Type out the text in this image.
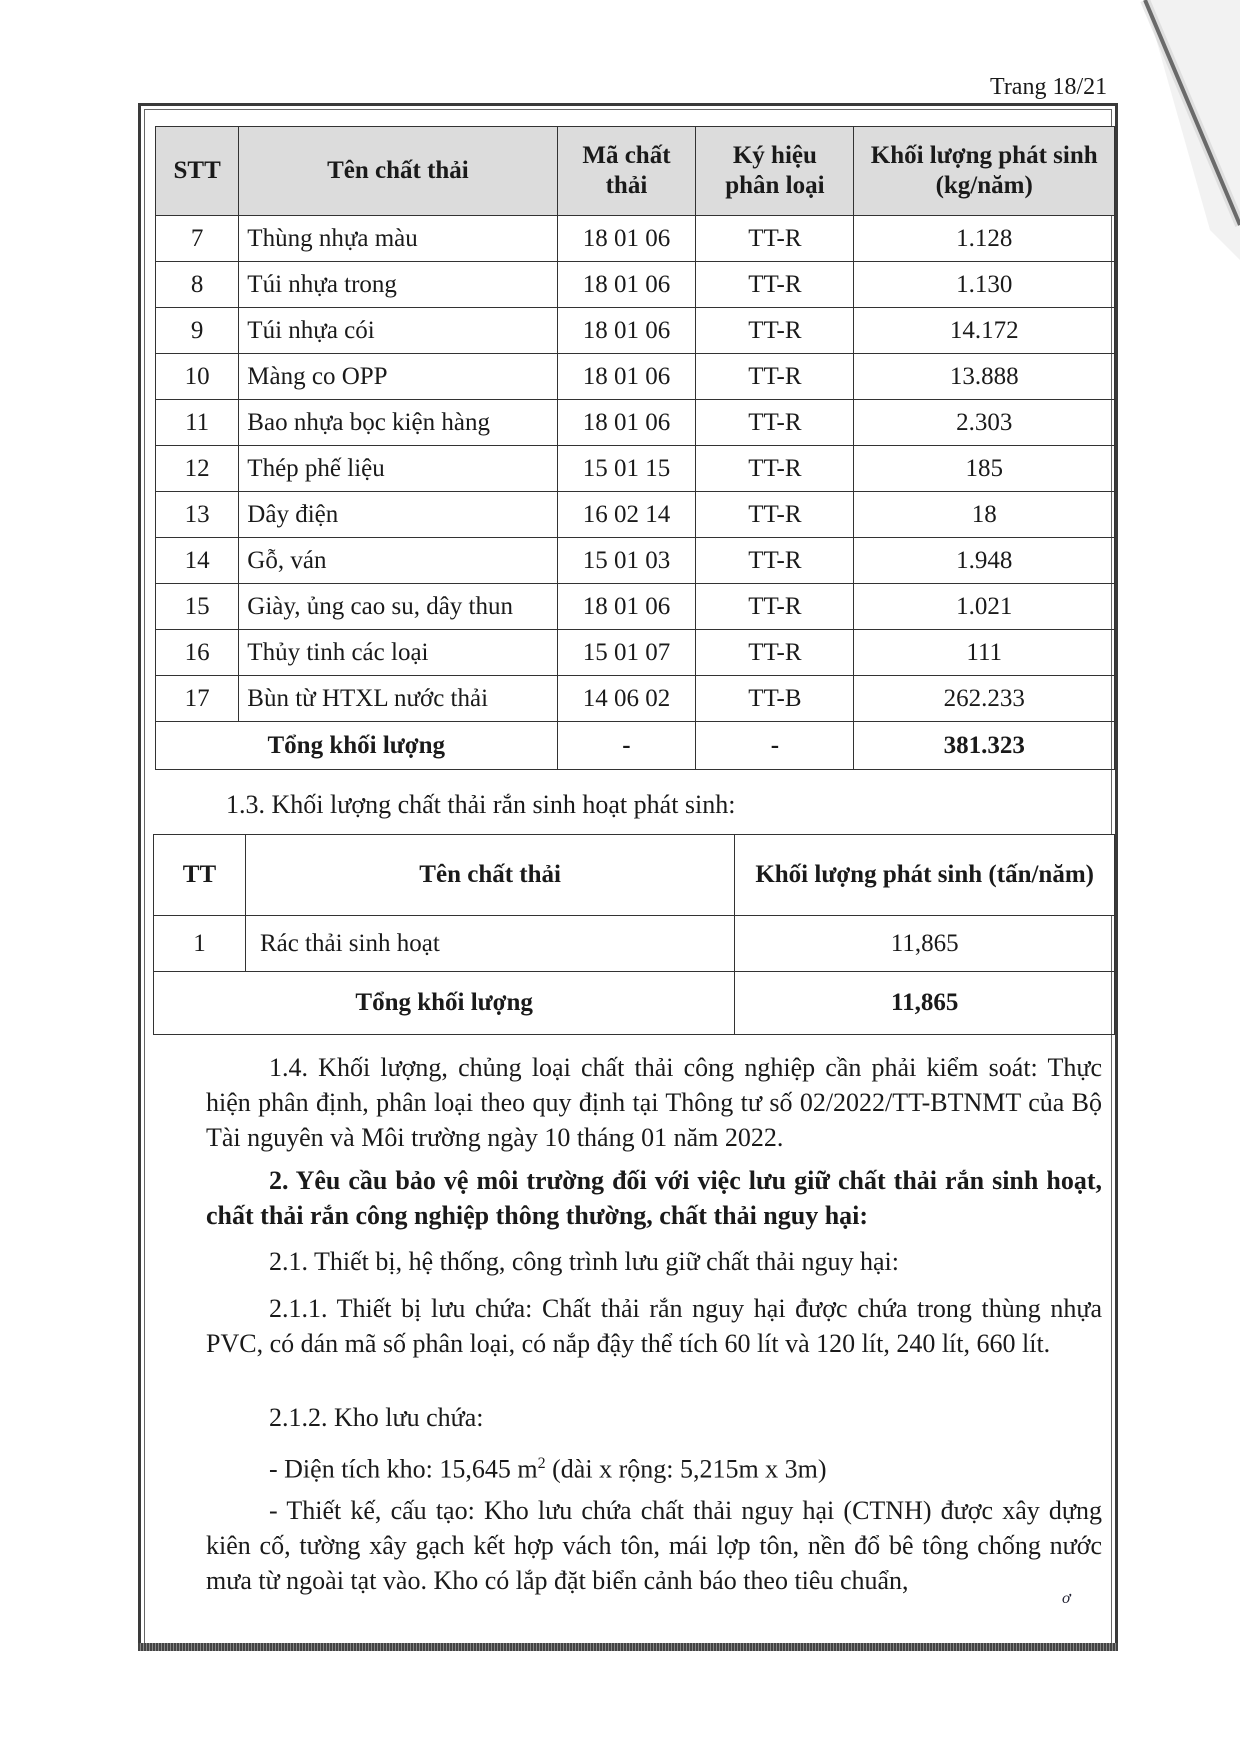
Trang 18/21
STT	Tên chất thải	Mã chất thải	Ký hiệu phân loại	Khối lượng phát sinh (kg/năm)
7	Thùng nhựa màu	18 01 06	TT-R	1.128
8	Túi nhựa trong	18 01 06	TT-R	1.130
9	Túi nhựa cói	18 01 06	TT-R	14.172
10	Màng co OPP	18 01 06	TT-R	13.888
11	Bao nhựa bọc kiện hàng	18 01 06	TT-R	2.303
12	Thép phế liệu	15 01 15	TT-R	185
13	Dây điện	16 02 14	TT-R	18
14	Gỗ, ván	15 01 03	TT-R	1.948
15	Giày, ủng cao su, dây thun	18 01 06	TT-R	1.021
16	Thủy tinh các loại	15 01 07	TT-R	111
17	Bùn từ HTXL nước thải	14 06 02	TT-B	262.233
Tổng khối lượng		-	-	381.323
1.3. Khối lượng chất thải rắn sinh hoạt phát sinh:
TT	Tên chất thải	Khối lượng phát sinh (tấn/năm)
1	Rác thải sinh hoạt	11,865
Tổng khối lượng		11,865

1.4. Khối lượng, chủng loại chất thải công nghiệp cần phải kiểm soát: Thực hiện phân định, phân loại theo quy định tại Thông tư số 02/2022/TT-BTNMT của Bộ Tài nguyên và Môi trường ngày 10 tháng 01 năm 2022.

2. Yêu cầu bảo vệ môi trường đối với việc lưu giữ chất thải rắn sinh hoạt, chất thải rắn công nghiệp thông thường, chất thải nguy hại:

2.1. Thiết bị, hệ thống, công trình lưu giữ chất thải nguy hại:

2.1.1. Thiết bị lưu chứa: Chất thải rắn nguy hại được chứa trong thùng nhựa PVC, có dán mã số phân loại, có nắp đậy thể tích 60 lít và 120 lít, 240 lít, 660 lít.

2.1.2. Kho lưu chứa:

- Diện tích kho: 15,645 $m^2$ (dài x rộng: 5,215m x 3m)

- Thiết kế, cấu tạo: Kho lưu chứa chất thải nguy hại (CTNH) được xây dựng kiên cố, tường xây gạch kết hợp vách tôn, mái lợp tôn, nền đổ bê tông chống nước mưa từ ngoài tạt vào. Kho có lắp đặt biển cảnh báo theo tiêu chuẩn,

ơ
